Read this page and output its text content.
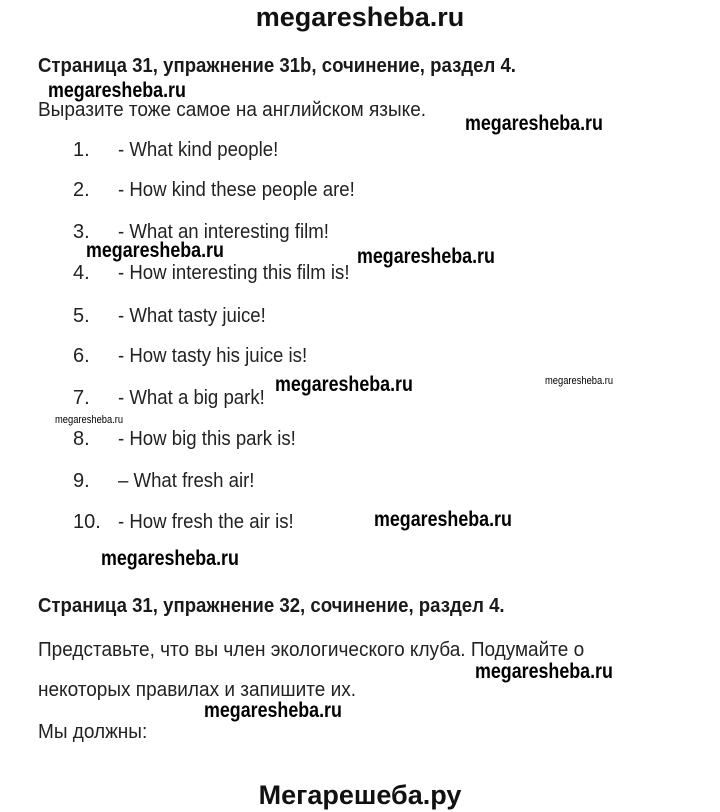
megaresheba.ru
Страница 31, упражнение 31b, сочинение, раздел 4.
Выразите тоже самое на английском языке.
1. - What kind people!
2. - How kind these people are!
3. - What an interesting film!
4. - How interesting this film is!
5. - What tasty juice!
6. - How tasty his juice is!
7. - What a big park!
8. - How big this park is!
9. – What fresh air!
10. - How fresh the air is!
Страница 31, упражнение 32, сочинение, раздел 4.
Представьте, что вы член экологического клуба. Подумайте о
некоторых правилах и запишите их.
Мы должны:
megaresheba.ru
megaresheba.ru
megaresheba.ru	megaresheba.ru
megaresheba.ru	megaresheba.ru
megaresheba.ru
megaresheba.ru
megaresheba.ru
megaresheba.ru
megaresheba.ru
Мегарешеба.ру
